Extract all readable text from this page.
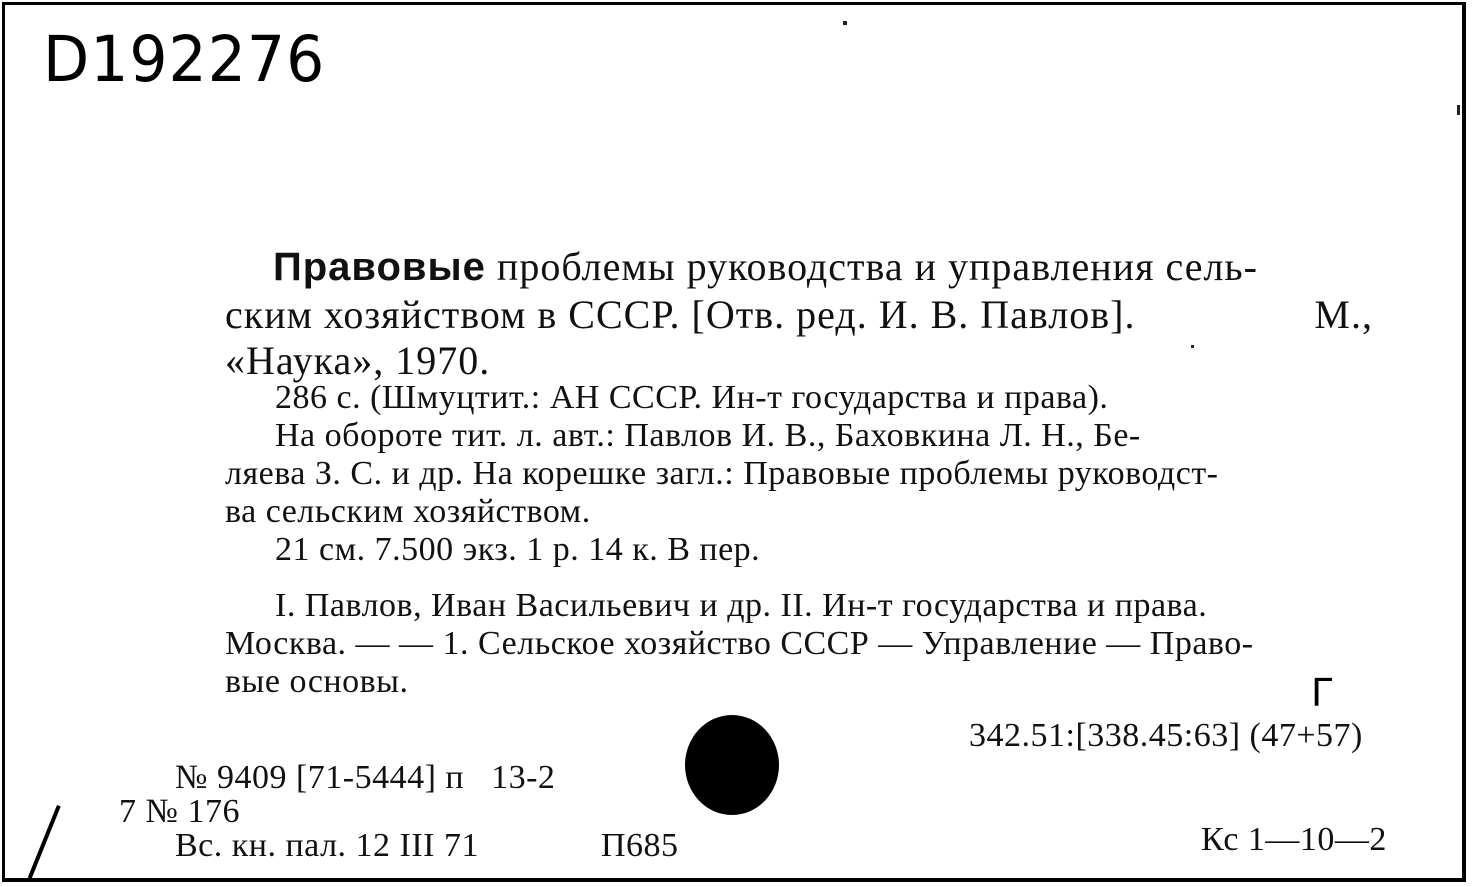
D192276
Правовые проблемы руководства и управления сель-
ским хозяйством в СССР. [Отв. ред. И. В. Павлов].	М.,
«Наука», 1970.
286 с. (Шмуцтит.: АН СССР. Ин-т государства и права).
На обороте тит. л. авт.: Павлов И. В., Баховкина Л. Н., Бе-
ляева З. С. и др. На корешке загл.: Правовые проблемы руководст-
ва сельским хозяйством.
21 см. 7.500 экз. 1 р. 14 к. В пер.
I. Павлов, Иван Васильевич и др. II. Ин-т государства и права.
Москва. — — 1. Сельское хозяйство СССР — Управление — Право-
вые основы.	Г
342.51:[338.45:63] (47+57)
№ 9409 [71-5444] п   13-2
7 № 176
Вс. кн. пал. 12 III 71	П685	Кс 1—10—2
